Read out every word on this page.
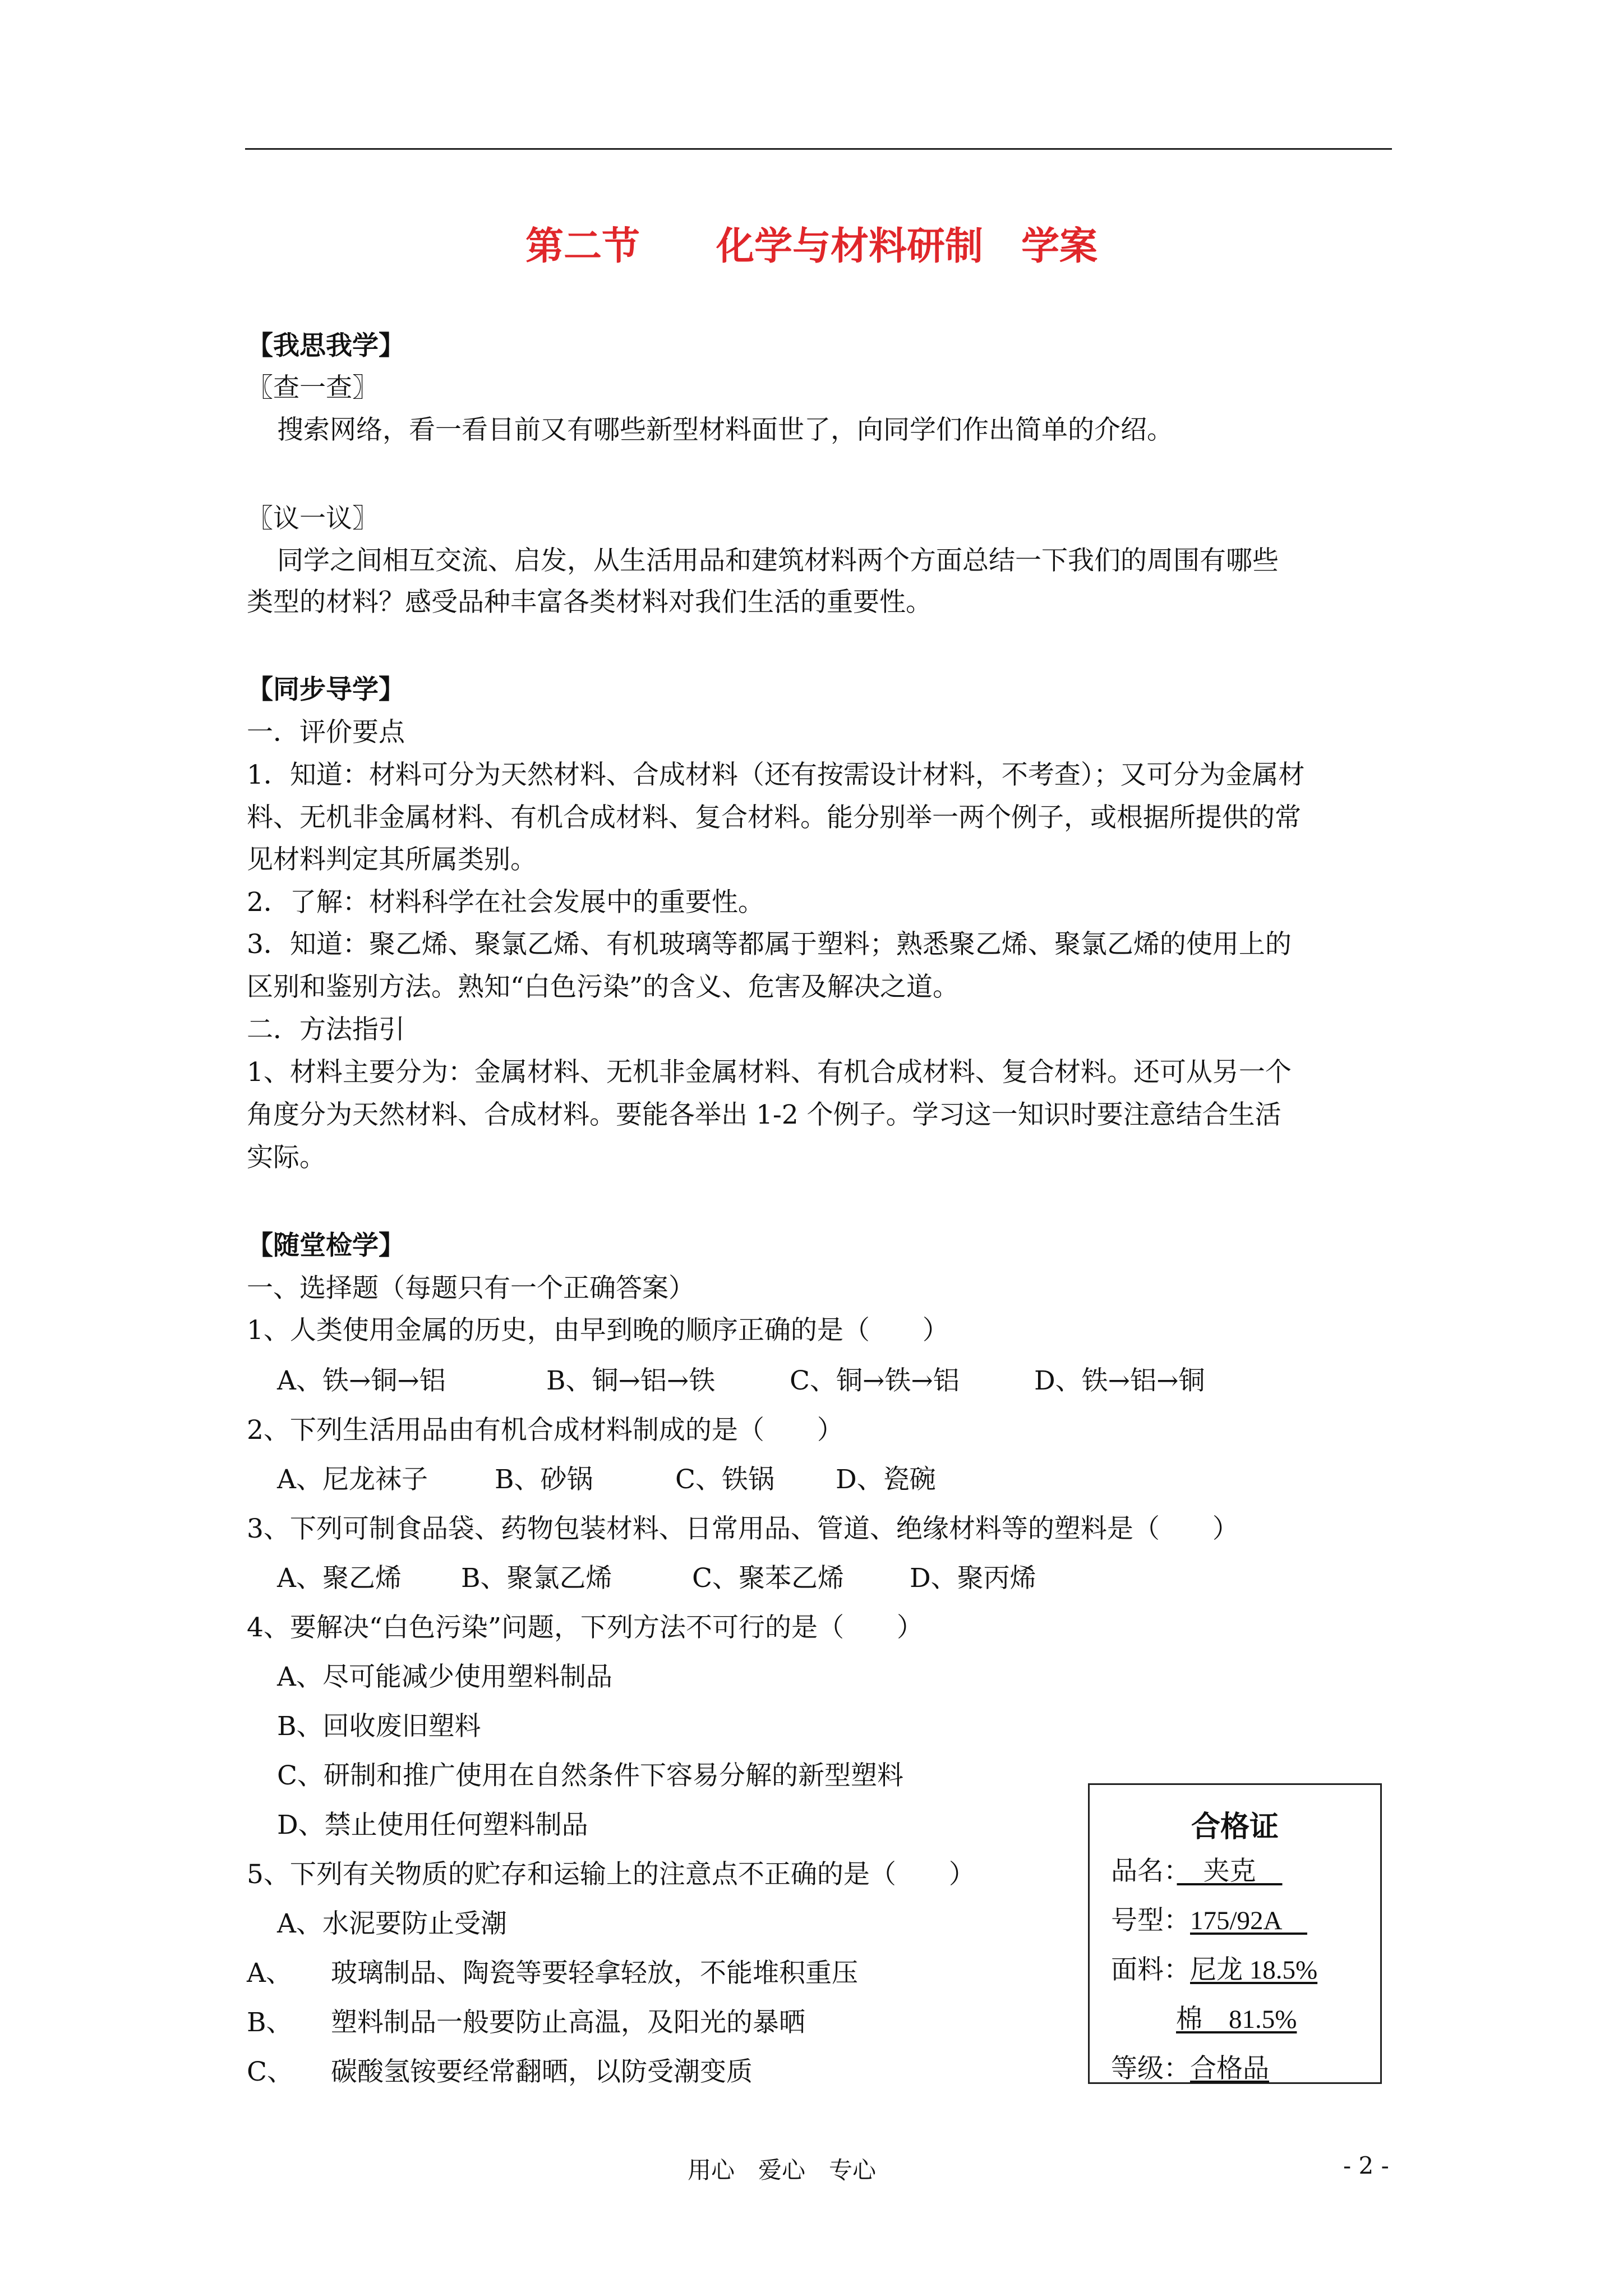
第二节　　化学与材料研制　学案
【我思我学】
〖查一查〗
搜索网络，看一看目前又有哪些新型材料面世了，向同学们作出简单的介绍。
〖议一议〗
同学之间相互交流、启发，从生活用品和建筑材料两个方面总结一下我们的周围有哪些
类型的材料？感受品种丰富各类材料对我们生活的重要性。
【同步导学】
一．评价要点
1．知道：材料可分为天然材料、合成材料（还有按需设计材料，不考查）；又可分为金属材
料、无机非金属材料、有机合成材料、复合材料。能分别举一两个例子，或根据所提供的常
见材料判定其所属类别。
2．了解：材料科学在社会发展中的重要性。
3．知道：聚乙烯、聚氯乙烯、有机玻璃等都属于塑料；熟悉聚乙烯、聚氯乙烯的使用上的
区别和鉴别方法。熟知“白色污染”的含义、危害及解决之道。
二．方法指引
1、材料主要分为：金属材料、无机非金属材料、有机合成材料、复合材料。还可从另一个
角度分为天然材料、合成材料。要能各举出 1-2 个例子。学习这一知识时要注意结合生活
实际。
【随堂检学】
一、选择题（每题只有一个正确答案）
1、人类使用金属的历史，由早到晚的顺序正确的是（　　）
A、铁→铜→铝	B、铜→铝→铁	C、铜→铁→铝	D、铁→铝→铜
2、下列生活用品由有机合成材料制成的是（　　）
A、尼龙袜子	B、砂锅	C、铁锅 D、瓷碗
3、下列可制食品袋、药物包装材料、日常用品、管道、绝缘材料等的塑料是（　　）
A、聚乙烯 B、聚氯乙烯	C、聚苯乙烯 D、聚丙烯
4、要解决“白色污染”问题，下列方法不可行的是（　　）
A、尽可能减少使用塑料制品
B、回收废旧塑料
C、研制和推广使用在自然条件下容易分解的新型塑料
D、禁止使用任何塑料制品
5、下列有关物质的贮存和运输上的注意点不正确的是（　　）
A、水泥要防止受潮
A、 玻璃制品、陶瓷等要轻拿轻放，不能堆积重压
B、 塑料制品一般要防止高温，及阳光的暴晒
C、 碳酸氢铵要经常翻晒，以防受潮变质
合格证
品名：　夹克　
号型：175/92A　
面料：尼龙 18.5%
棉　81.5%
等级：合格品
用心　爱心　专心	- 2 -
